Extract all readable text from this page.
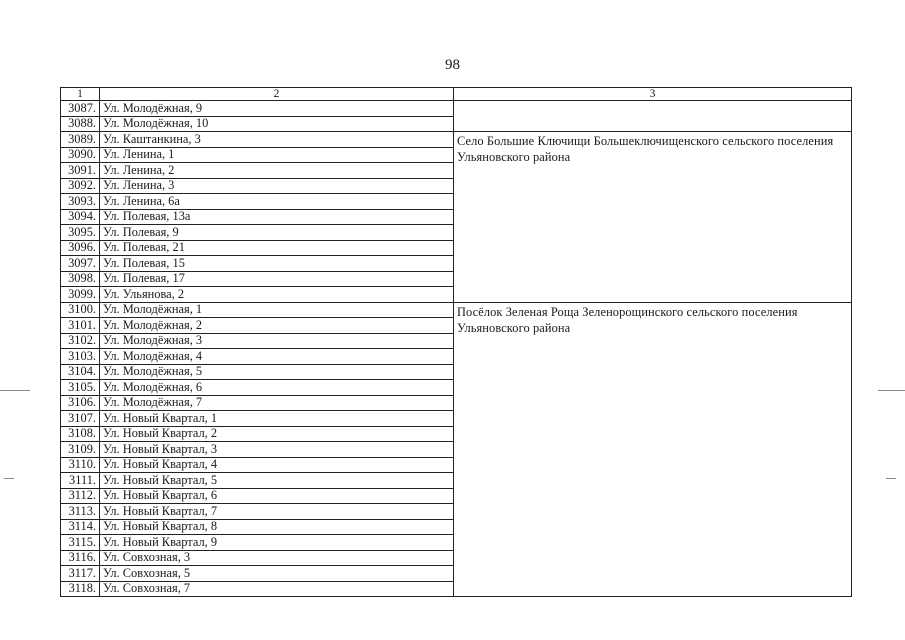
98
1	2	3
3087.	Ул. Молодёжная, 9	
3088.	Ул. Молодёжная, 10	
3089.	Ул. Каштанкина, 3	Село Большие Ключищи Большеключищенского сельского поселения Ульяновского района
3090.	Ул. Ленина, 1	
3091.	Ул. Ленина, 2	
3092.	Ул. Ленина, 3	
3093.	Ул. Ленина, 6а	
3094.	Ул. Полевая, 13а	
3095.	Ул. Полевая, 9	
3096.	Ул. Полевая, 21	
3097.	Ул. Полевая, 15	
3098.	Ул. Полевая, 17	
3099.	Ул. Ульянова, 2	
3100.	Ул. Молодёжная, 1	Посёлок Зеленая Роща Зеленорощинского сельского поселения Ульяновского района
3101.	Ул. Молодёжная, 2	
3102.	Ул. Молодёжная, 3	
3103.	Ул. Молодёжная, 4	
3104.	Ул. Молодёжная, 5	
3105.	Ул. Молодёжная, 6	
3106.	Ул. Молодёжная, 7	
3107.	Ул. Новый Квартал, 1	
3108.	Ул. Новый Квартал, 2	
3109.	Ул. Новый Квартал, 3	
3110.	Ул. Новый Квартал, 4	
3111.	Ул. Новый Квартал, 5	
3112.	Ул. Новый Квартал, 6	
3113.	Ул. Новый Квартал, 7	
3114.	Ул. Новый Квартал, 8	
3115.	Ул. Новый Квартал, 9	
3116.	Ул. Совхозная, 3	
3117.	Ул. Совхозная, 5	
3118.	Ул. Совхозная, 7	
